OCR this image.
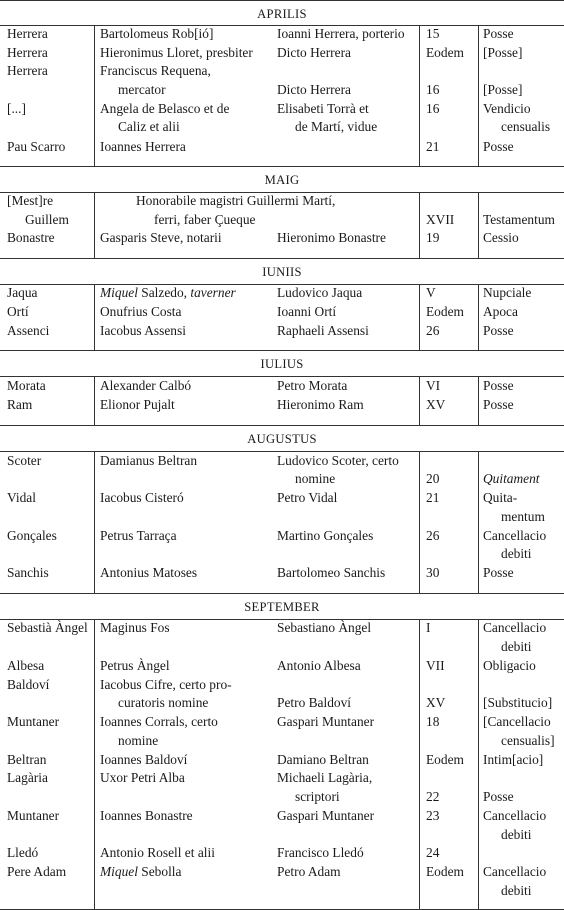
APRILIS
MAIG
IUNIIS
IULIUS
AUGUSTUS
SEPTEMBER
Herrera
Herrera
Herrera
[...]
Pau Scarro
Bartolomeus Rob[ió]
Hieronimus Lloret, presbiter
Franciscus Requena,
mercator
Angela de Belasco et de
Caliz et alii
Ioannes Herrera
Ioanni Herrera, porterio
Dicto Herrera
Dicto Herrera
Elisabeti Torrà et
de Martí, vidue
15
Eodem
16
16
21
Posse
[Posse]
[Posse]
Vendicio
censualis
Posse
[Mest]re
Guillem
Bonastre
Honorabile magistri Guillermi Martí,
ferri, faber Çueque
Gasparis Steve, notarii	Hieronimo Bonastre
XVII
19
Testamentum
Cessio
Jaqua
Ortí
Assenci
Miquel Salzedo, taverner
Onufrius Costa
Iacobus Assensi
Ludovico Jaqua
Ioanni Ortí
Raphaeli Assensi
V
Eodem
26
Nupciale
Apoca
Posse
Morata
Ram
Alexander Calbó
Elionor Pujalt
Petro Morata
Hieronimo Ram
VI
XV
Posse
Posse
Scoter
Vidal
Gonçales
Sanchis
Damianus Beltran
Iacobus Cisteró
Petrus Tarraça
Antonius Matoses
Ludovico Scoter, certo
nomine
Petro Vidal
Martino Gonçales
Bartolomeo Sanchis
20
21
26
30
Quitament
Quita-
mentum
Cancellacio
debiti
Posse
Sebastià Àngel
Albesa
Baldoví
Muntaner
Beltran
Lagària
Muntaner
Lledó
Pere Adam
Maginus Fos
Petrus Àngel
Iacobus Cifre, certo pro-
curatoris nomine
Ioannes Corrals, certo
nomine
Ioannes Baldoví
Uxor Petri Alba
Ioannes Bonastre
Antonio Rosell et alii
Miquel Sebolla
Sebastiano Àngel
Antonio Albesa
Petro Baldoví
Gaspari Muntaner
Damiano Beltran
Michaeli Lagària,
scriptori
Gaspari Muntaner
Francisco Lledó
Petro Adam
I
VII
XV
18
Eodem
22
23
24
Eodem
Cancellacio
debiti
Obligacio
[Substitucio]
[Cancellacio
censualis]
Intim[acio]
Posse
Cancellacio
debiti
Cancellacio
debiti
